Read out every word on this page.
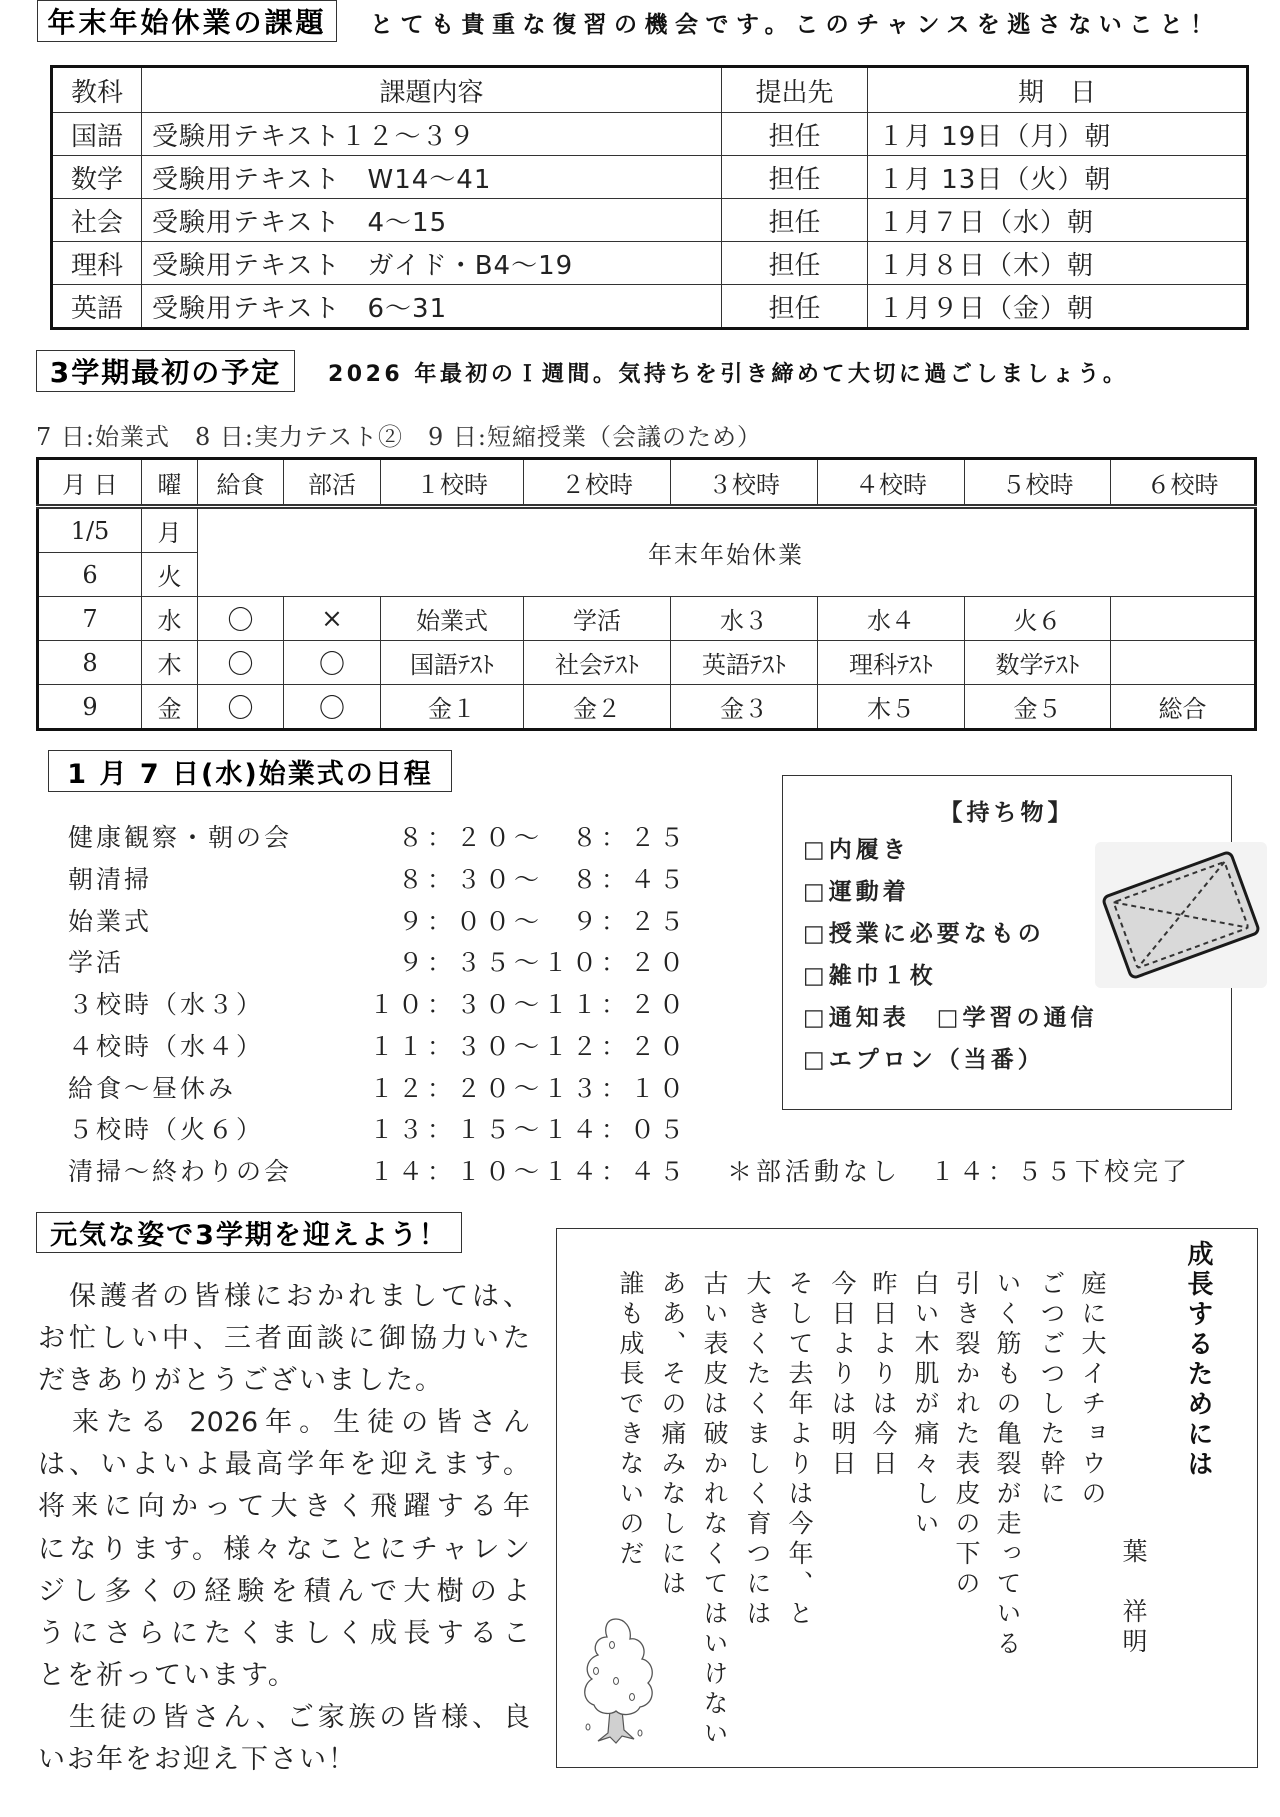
年末年始休業の課題	とても貴重な復習の機会です。このチャンスを逃さないこと！
教科	課題内容	提出先	期　日
国語	受験用テキスト１２～３９	担任	１月 19日（月）朝
数学	受験用テキスト　W14～41	担任	１月 13日（火）朝
社会	受験用テキスト　4～15	担任	１月７日（水）朝
理科	受験用テキスト　ガイド・B4～19	担任	１月８日（木）朝
英語	受験用テキスト　6～31	担任	１月９日（金）朝
3学期最初の予定	2026 年最初のＩ週間。気持ちを引き締めて大切に過ごしましょう。
7 日:始業式　8 日:実力テスト②　9 日:短縮授業（会議のため）
月 日	曜	給食	部活	１校時	２校時	３校時	４校時	５校時	６校時
1/5	月	年末年始休業							
6	火								
7	水	〇	×	始業式	学活	水３	水４	火６	
8	木	〇	〇	国語ﾃｽﾄ	社会ﾃｽﾄ	英語ﾃｽﾄ	理科ﾃｽﾄ	数学ﾃｽﾄ	
9	金	〇	〇	金１	金２	金３	木５	金５	総合
1 月 7 日(水)始業式の日程
健康観察・朝の会	８：２０～　８：２５
朝清掃	８：３０～　８：４５
始業式	９：００～　９：２５
学活	９：３５～１０：２０
３校時（水３）	１０：３０～１１：２０
４校時（水４）	１１：３０～１２：２０
給食～昼休み	１２：２０～１３：１０
５校時（火６）	１３：１５～１４：０５
清掃～終わりの会	１４：１０～１４：４５ ＊部活動なし　１４：５５下校完了
【持ち物】
□内履き
□運動着
□授業に必要なもの
□雑巾１枚
□通知表　□学習の通信
□エプロン（当番）
元気な姿で3学期を迎えよう！
　保護者の皆様におかれましては、
お忙しい中、三者面談に御協力いた
だきありがとうございました。
　来たる 2026年。生徒の皆さん
は、いよいよ最高学年を迎えます。
将来に向かって大きく飛躍する年
になります。様々なことにチャレン
ジし多くの経験を積んで大樹のよ
うにさらにたくましく成長するこ
とを祈っています。
　生徒の皆さん、ご家族の皆様、良
いお年をお迎え下さい！
成長するためには
葉　祥明
庭に大イチョウの
ごつごつした幹に
いく筋もの亀裂が走っている
引き裂かれた表皮の下の
白い木肌が痛々しい
昨日よりは今日
今日よりは明日
そして去年よりは今年、と
大きくたくましく育つには
古い表皮は破かれなくてはいけない
ああ、その痛みなしには
誰も成長できないのだ
